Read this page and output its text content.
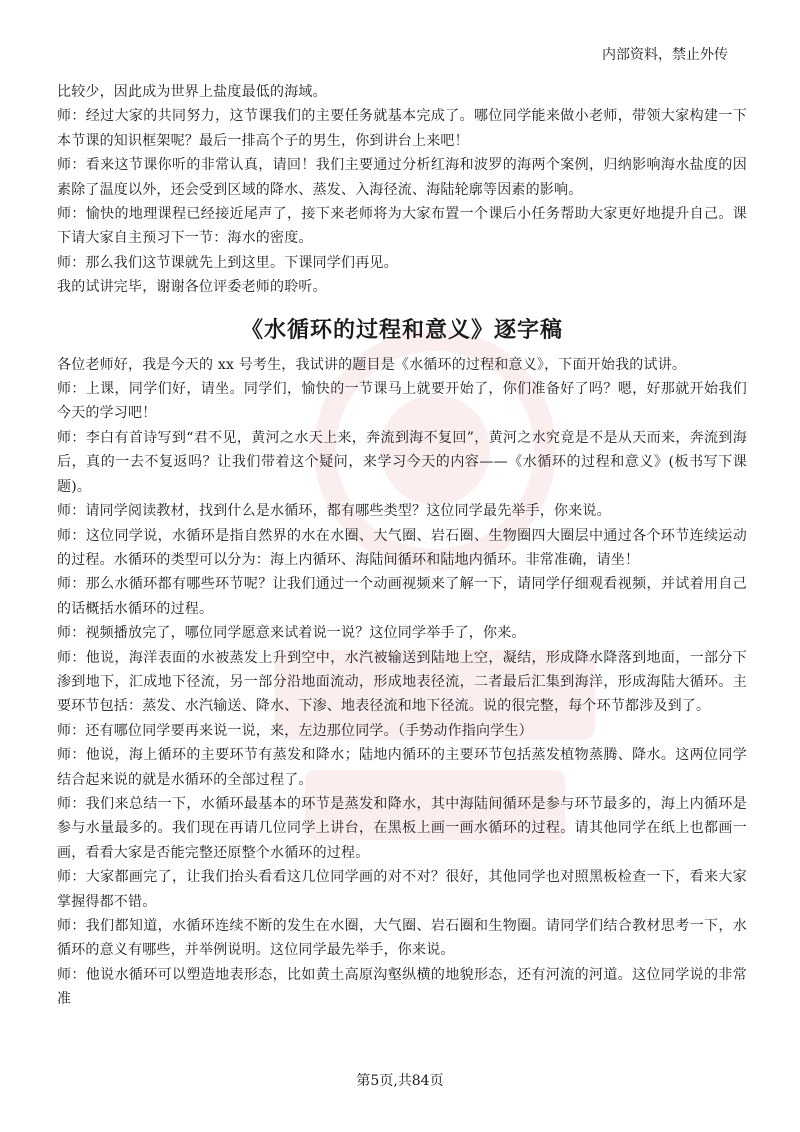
内部资料，禁止外传

比较少，因此成为世界上盐度最低的海域。

师：经过大家的共同努力，这节课我们的主要任务就基本完成了。哪位同学能来做小老师，带领大家构建一下本节课的知识框架呢？最后一排高个子的男生，你到讲台上来吧！

师：看来这节课你听的非常认真，请回！我们主要通过分析红海和波罗的海两个案例，归纳影响海水盐度的因素除了温度以外，还会受到区域的降水、蒸发、入海径流、海陆轮廓等因素的影响。

师：愉快的地理课程已经接近尾声了，接下来老师将为大家布置一个课后小任务帮助大家更好地提升自己。课下请大家自主预习下一节：海水的密度。

师：那么我们这节课就先上到这里。下课同学们再见。

我的试讲完毕，谢谢各位评委老师的聆听。

《水循环的过程和意义》逐字稿

各位老师好，我是今天的 xx 号考生，我试讲的题目是《水循环的过程和意义》，下面开始我的试讲。

师：上课，同学们好，请坐。同学们，愉快的一节课马上就要开始了，你们准备好了吗？嗯，好那就开始我们今天的学习吧！

师：李白有首诗写到“君不见，黄河之水天上来，奔流到海不复回”，黄河之水究竟是不是从天而来，奔流到海后，真的一去不复返吗？让我们带着这个疑问，来学习今天的内容——《水循环的过程和意义》(板书写下课题)。

师：请同学阅读教材，找到什么是水循环，都有哪些类型？这位同学最先举手，你来说。

师：这位同学说，水循环是指自然界的水在水圈、大气圈、岩石圈、生物圈四大圈层中通过各个环节连续运动的过程。水循环的类型可以分为：海上内循环、海陆间循环和陆地内循环。非常准确，请坐！

师：那么水循环都有哪些环节呢？让我们通过一个动画视频来了解一下，请同学仔细观看视频，并试着用自己的话概括水循环的过程。

师：视频播放完了，哪位同学愿意来试着说一说？这位同学举手了，你来。

师：他说，海洋表面的水被蒸发上升到空中，水汽被输送到陆地上空，凝结，形成降水降落到地面，一部分下渗到地下，汇成地下径流，另一部分沿地面流动，形成地表径流，二者最后汇集到海洋，形成海陆大循环。主要环节包括：蒸发、水汽输送、降水、下渗、地表径流和地下径流。说的很完整，每个环节都涉及到了。

师：还有哪位同学要再来说一说，来，左边那位同学。（手势动作指向学生）

师：他说，海上循环的主要环节有蒸发和降水；陆地内循环的主要环节包括蒸发植物蒸腾、降水。这两位同学结合起来说的就是水循环的全部过程了。

师：我们来总结一下，水循环最基本的环节是蒸发和降水，其中海陆间循环是参与环节最多的，海上内循环是参与水量最多的。我们现在再请几位同学上讲台，在黑板上画一画水循环的过程。请其他同学在纸上也都画一画，看看大家是否能完整还原整个水循环的过程。

师：大家都画完了，让我们抬头看看这几位同学画的对不对？很好，其他同学也对照黑板检查一下，看来大家掌握得都不错。

师：我们都知道，水循环连续不断的发生在水圈，大气圈、岩石圈和生物圈。请同学们结合教材思考一下，水循环的意义有哪些，并举例说明。这位同学最先举手，你来说。

师：他说水循环可以塑造地表形态，比如黄土高原沟壑纵横的地貌形态，还有河流的河道。这位同学说的非常准

第5页,共84页
